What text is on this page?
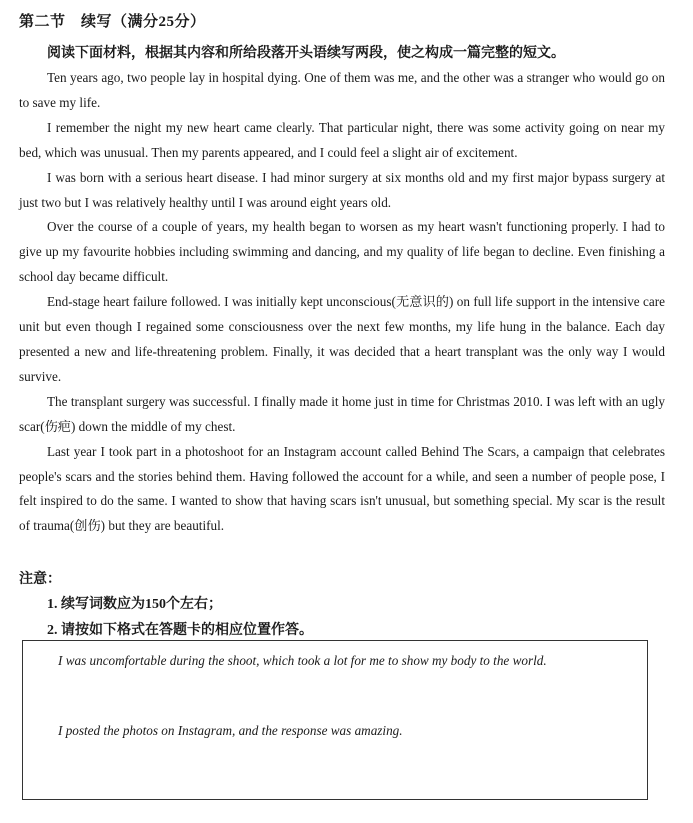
第二节　续写（满分25分）
阅读下面材料，根据其内容和所给段落开头语续写两段，使之构成一篇完整的短文。

Ten years ago, two people lay in hospital dying. One of them was me, and the other was a stranger who would go on to save my life.

I remember the night my new heart came clearly. That particular night, there was some activity going on near my bed, which was unusual. Then my parents appeared, and I could feel a slight air of excitement.

I was born with a serious heart disease. I had minor surgery at six months old and my first major bypass surgery at just two but I was relatively healthy until I was around eight years old.

Over the course of a couple of years, my health began to worsen as my heart wasn't functioning properly. I had to give up my favourite hobbies including swimming and dancing, and my quality of life began to decline. Even finishing a school day became difficult.

End-stage heart failure followed. I was initially kept unconscious(无意识的) on full life support in the intensive care unit but even though I regained some consciousness over the next few months, my life hung in the balance. Each day presented a new and life-threatening problem. Finally, it was decided that a heart transplant was the only way I would survive.

The transplant surgery was successful. I finally made it home just in time for Christmas 2010. I was left with an ugly scar(伤疤) down the middle of my chest.

Last year I took part in a photoshoot for an Instagram account called Behind The Scars, a campaign that celebrates people's scars and the stories behind them. Having followed the account for a while, and seen a number of people pose, I felt inspired to do the same. I wanted to show that having scars isn't unusual, but something special. My scar is the result of trauma(创伤) but they are beautiful.

注意：
1. 续写词数应为150个左右；
2. 请按如下格式在答题卡的相应位置作答。
I was uncomfortable during the shoot, which took a lot for me to show my body to the world.
I posted the photos on Instagram, and the response was amazing.
